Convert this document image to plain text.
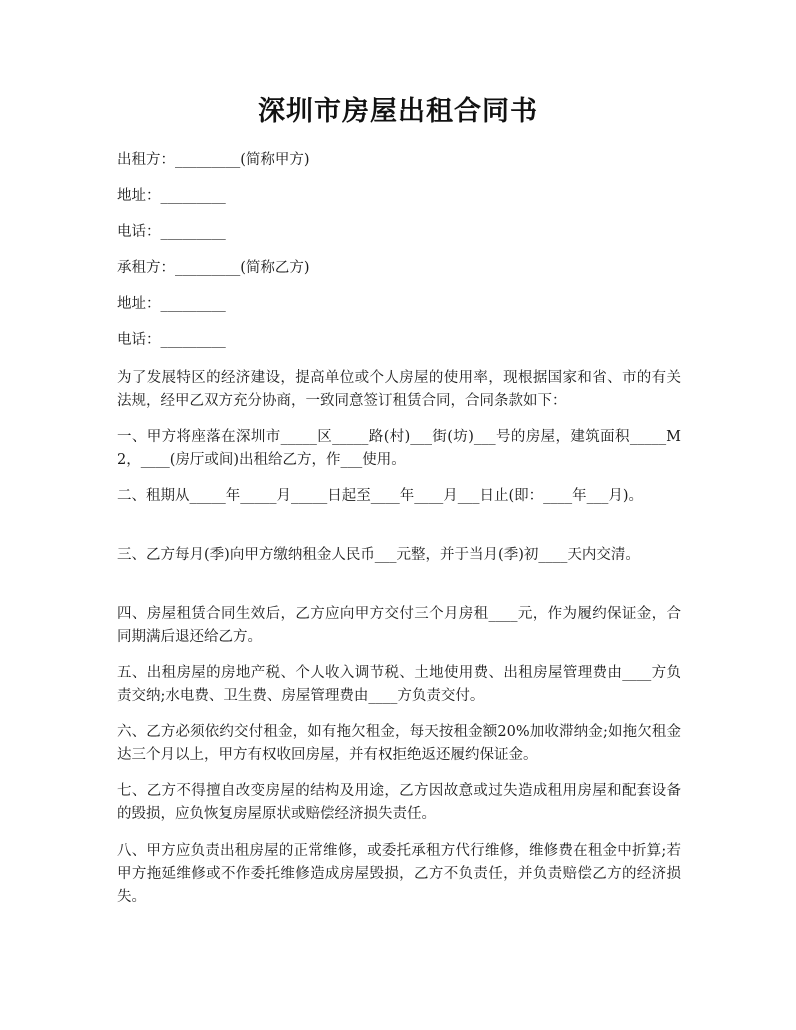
深圳市房屋出租合同书
出租方：_________(简称甲方)
地址：_________
电话：_________
承租方：_________(简称乙方)
地址：_________
电话：_________
为了发展特区的经济建设，提高单位或个人房屋的使用率，现根据国家和省、市的有关法规，经甲乙双方充分协商，一致同意签订租赁合同，合同条款如下：
一、甲方将座落在深圳市_____区_____路(村)___街(坊)___号的房屋，建筑面积_____M2，____(房厅或间)出租给乙方，作___使用。
二、租期从_____年_____月_____日起至____年____月___日止(即：____年___月)。
三、乙方每月(季)向甲方缴纳租金人民币___元整，并于当月(季)初____天内交清。
四、房屋租赁合同生效后，乙方应向甲方交付三个月房租____元，作为履约保证金，合同期满后退还给乙方。
五、出租房屋的房地产税、个人收入调节税、土地使用费、出租房屋管理费由____方负责交纳;水电费、卫生费、房屋管理费由____方负责交付。
六、乙方必须依约交付租金，如有拖欠租金，每天按租金额20%加收滞纳金;如拖欠租金达三个月以上，甲方有权收回房屋，并有权拒绝返还履约保证金。
七、乙方不得擅自改变房屋的结构及用途，乙方因故意或过失造成租用房屋和配套设备的毁损，应负恢复房屋原状或赔偿经济损失责任。
八、甲方应负责出租房屋的正常维修，或委托承租方代行维修，维修费在租金中折算;若甲方拖延维修或不作委托维修造成房屋毁损，乙方不负责任，并负责赔偿乙方的经济损失。
